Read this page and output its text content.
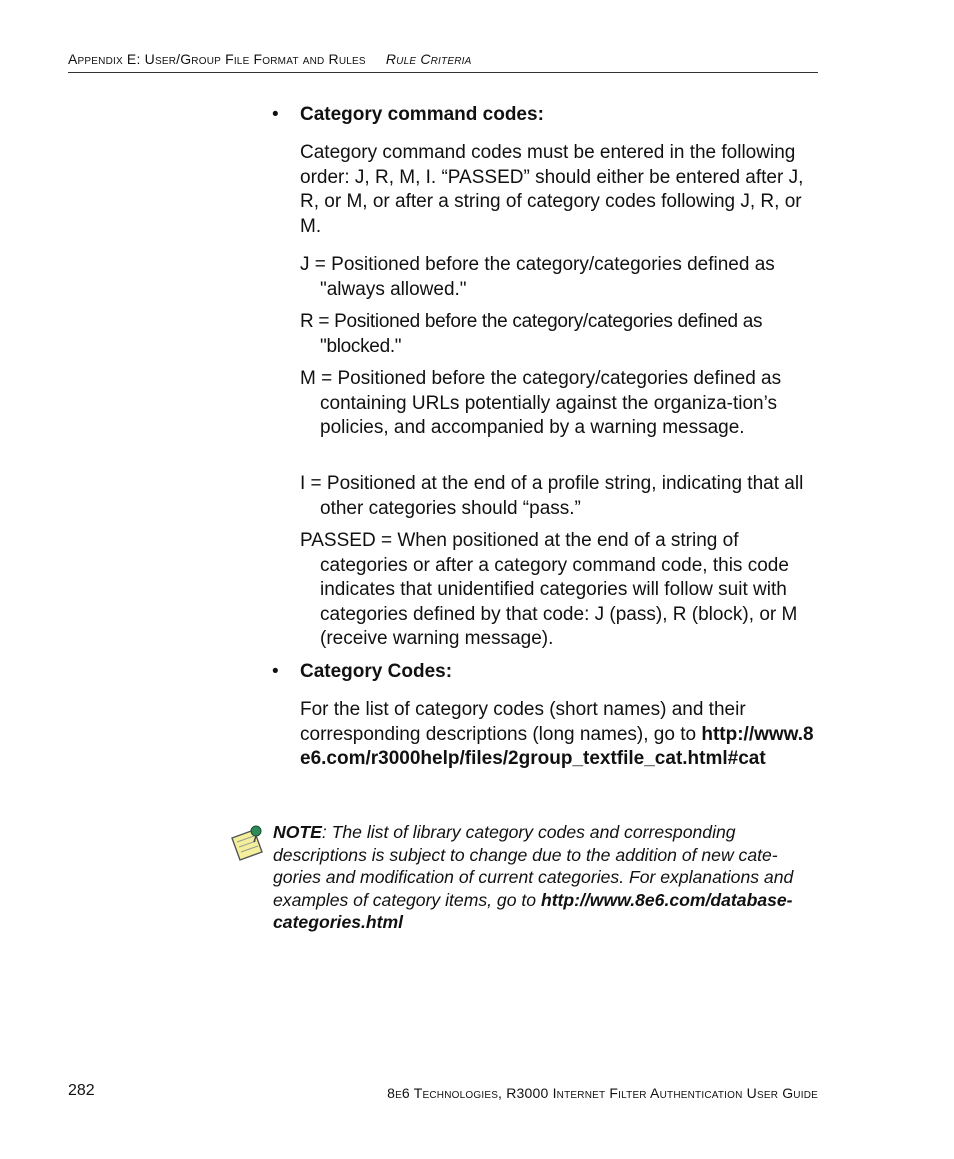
Appendix E: User/Group File Format and Rules Rule Criteria
• Category command codes:
Category command codes must be entered in the following order: J, R, M, I. “PASSED” should either be entered after J, R, or M, or after a string of category codes following J, R, or M.
J = Positioned before the category/categories defined as "always allowed."
R = Positioned before the category/categories defined as "blocked."
M = Positioned before the category/categories defined as containing URLs potentially against the organiza-tion’s policies, and accompanied by a warning message.
I = Positioned at the end of a profile string, indicating that all other categories should “pass.”
PASSED = When positioned at the end of a string of categories or after a category command code, this code indicates that unidentified categories will follow suit with categories defined by that code: J (pass), R (block), or M (receive warning message).
• Category Codes:
For the list of category codes (short names) and their corresponding descriptions (long names), go to http://www.8e6.com/r3000help/files/2group_textfile_cat.html#cat
NOTE: The list of library category codes and corresponding descriptions is subject to change due to the addition of new cate-gories and modification of current categories. For explanations and examples of category items, go to http://www.8e6.com/database-categories.html
282	8e6 Technologies, R3000 Internet Filter Authentication User Guide
